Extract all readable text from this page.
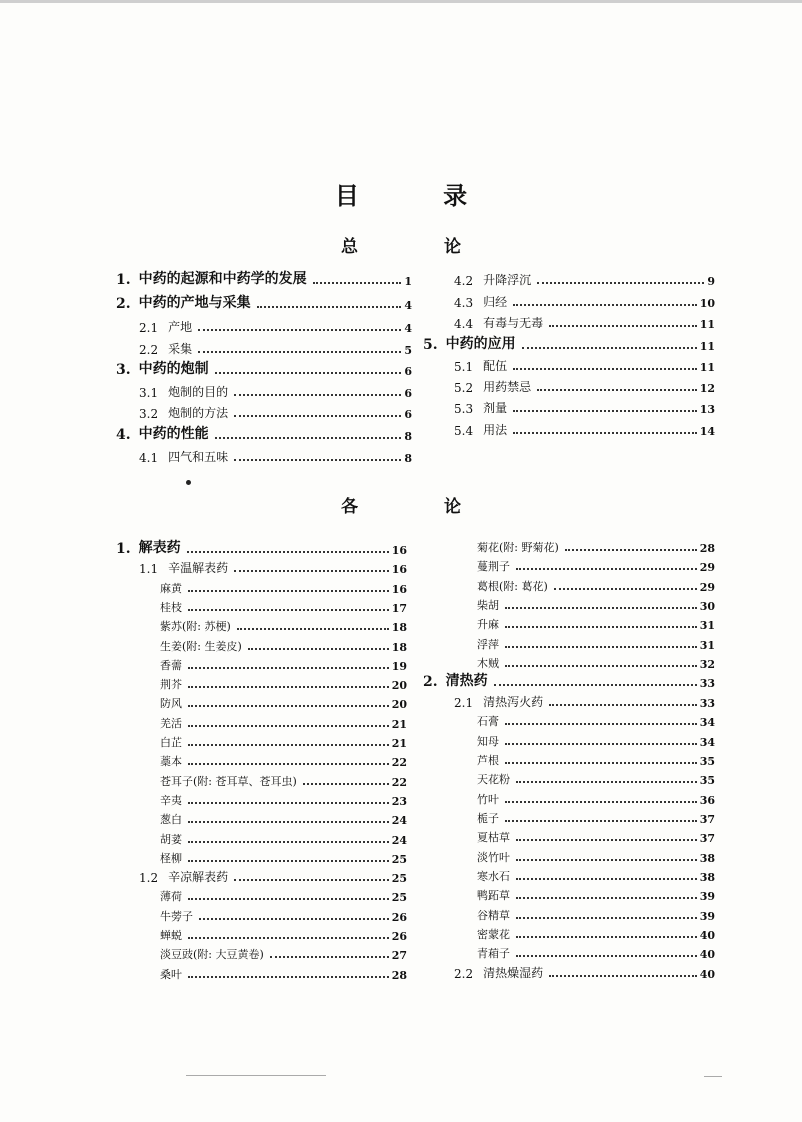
目 录
总 论
各 论
1. 中药的起源和中药学的发展	1
2. 中药的产地与采集	4
2.1 产地	4
2.2 采集	5
3. 中药的炮制	6
3.1 炮制的目的	6
3.2 炮制的方法	6
4. 中药的性能	8
4.1 四气和五味	8
4.2 升降浮沉	9
4.3 归经	10
4.4 有毒与无毒	11
5. 中药的应用	11
5.1 配伍	11
5.2 用药禁忌	12
5.3 剂量	13
5.4 用法	14
1. 解表药	16
1.1 辛温解表药	16
麻黄	16
桂枝	17
紫苏(附: 苏梗)	18
生姜(附: 生姜皮)	18
香薷	19
荆芥	20
防风	20
羌活	21
白芷	21
藁本	22
苍耳子(附: 苍耳草、苍耳虫)	22
辛夷	23
葱白	24
胡荽	24
柽柳	25
1.2 辛凉解表药	25
薄荷	25
牛蒡子	26
蝉蜕	26
淡豆豉(附: 大豆黄卷)	27
桑叶	28
菊花(附: 野菊花)	28
蔓荆子	29
葛根(附: 葛花)	29
柴胡	30
升麻	31
浮萍	31
木贼	32
2. 清热药	33
2.1 清热泻火药	33
石膏	34
知母	34
芦根	35
天花粉	35
竹叶	36
栀子	37
夏枯草	37
淡竹叶	38
寒水石	38
鸭跖草	39
谷精草	39
密蒙花	40
青葙子	40
2.2 清热燥湿药	40
